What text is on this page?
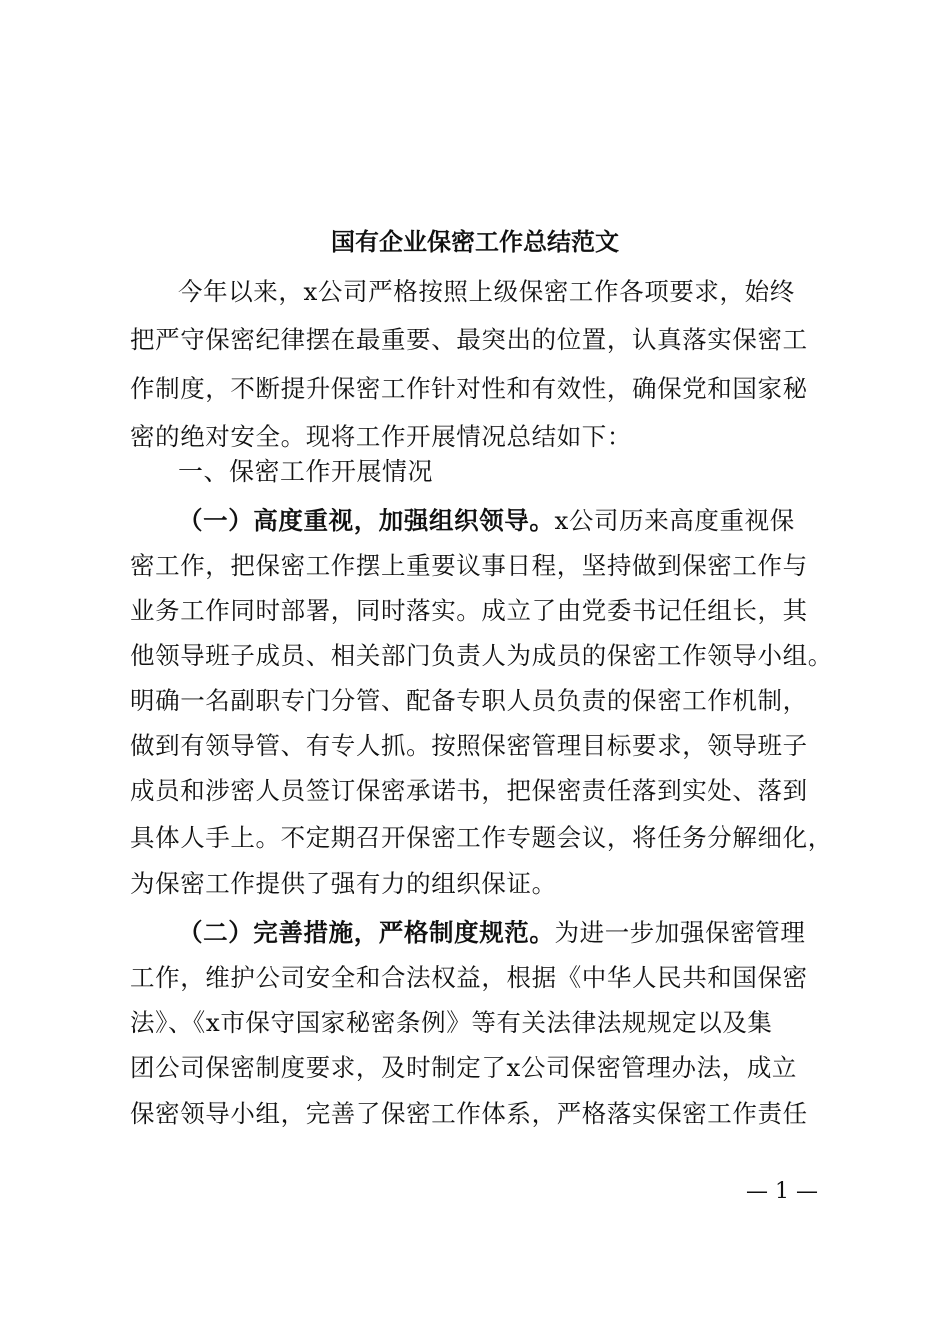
国有企业保密工作总结范文
今年以来，x公司严格按照上级保密工作各项要求，始终
把严守保密纪律摆在最重要、最突出的位置，认真落实保密工
作制度，不断提升保密工作针对性和有效性，确保党和国家秘
密的绝对安全。现将工作开展情况总结如下：
一、保密工作开展情况
（一）高度重视，加强组织领导。x公司历来高度重视保
密工作，把保密工作摆上重要议事日程，坚持做到保密工作与
业务工作同时部署，同时落实。成立了由党委书记任组长，其
他领导班子成员、相关部门负责人为成员的保密工作领导小组。
明确一名副职专门分管、配备专职人员负责的保密工作机制，
做到有领导管、有专人抓。按照保密管理目标要求，领导班子
成员和涉密人员签订保密承诺书，把保密责任落到实处、落到
具体人手上。不定期召开保密工作专题会议，将任务分解细化，
为保密工作提供了强有力的组织保证。
（二）完善措施，严格制度规范。为进一步加强保密管理
工作，维护公司安全和合法权益，根据《中华人民共和国保密
法》、《x市保守国家秘密条例》等有关法律法规规定以及集
团公司保密制度要求，及时制定了x公司保密管理办法，成立
保密领导小组，完善了保密工作体系，严格落实保密工作责任
— 1 —
